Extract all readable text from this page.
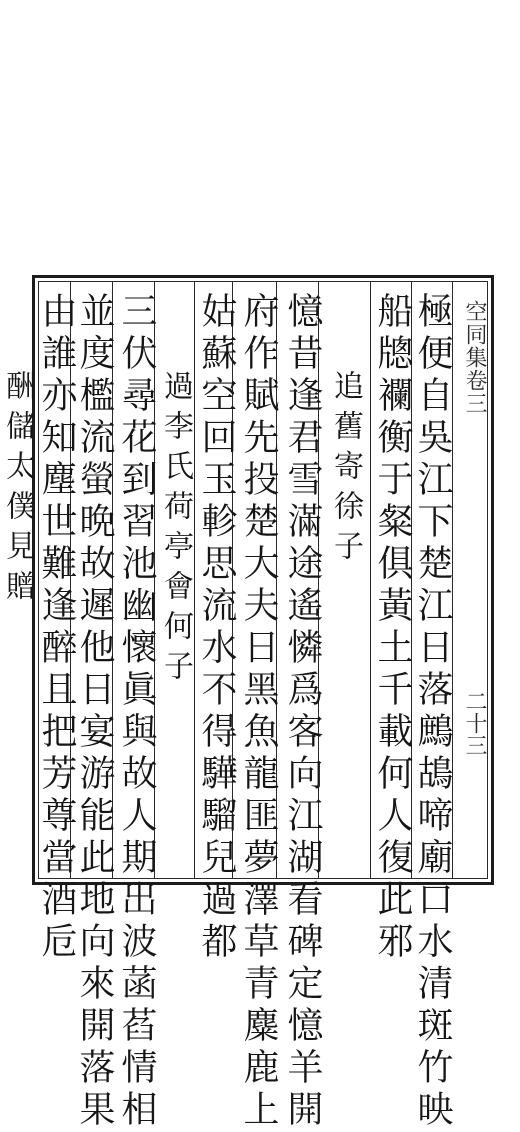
空同集卷三
二十三
極便自吳江下楚江日落鷓鴣啼廟口水清斑竹映
船牕襴衡于粲俱黃土千載何人復此邪
追舊寄徐子
憶昔逢君雪滿途遙憐爲客向江湖看碑定憶羊開
府作賦先投楚大夫日黑魚龍匪夢澤草青麋鹿上
姑蘇空回玉軫思流水不得驊騮兒過都
過李氏荷亭會何子
三伏尋花到習池幽懷眞與故人期出波菡萏情相
並度檻流螢晩故遲他日宴游能此地向來開落果
由誰亦知塵世難逢醉且把芳尊當酒卮
酬儲太僕見贈
